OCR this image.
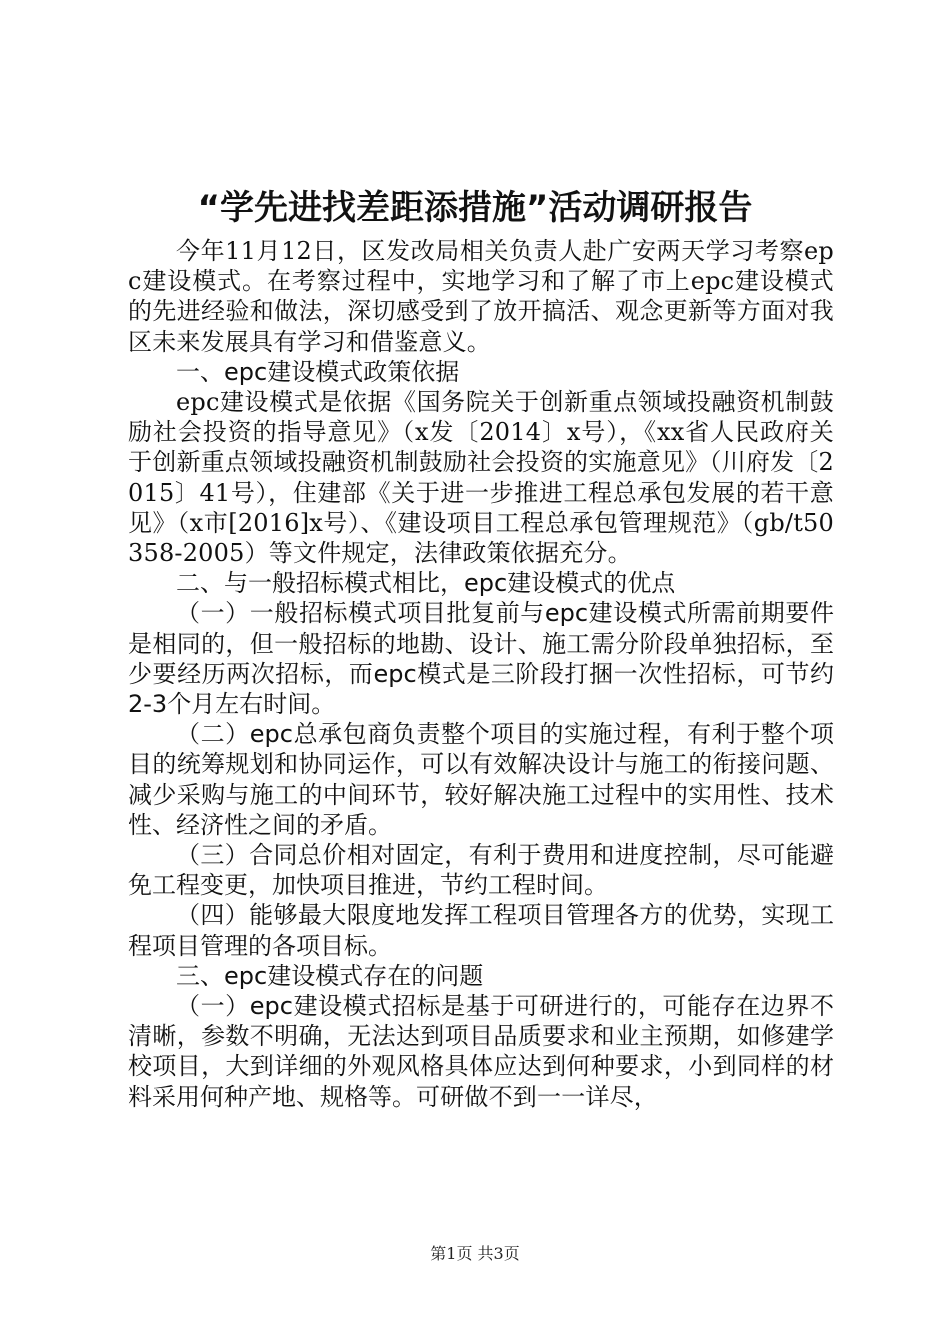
“学先进找差距添措施”活动调研报告

今年11月12日，区发改局相关负责人赴广安两天学习考察epc建设模式。在考察过程中，实地学习和了解了市上epc建设模式的先进经验和做法，深切感受到了放开搞活、观念更新等方面对我区未来发展具有学习和借鉴意义。

一、epc建设模式政策依据

epc建设模式是依据《国务院关于创新重点领域投融资机制鼓励社会投资的指导意见》（x发〔2014〕x号），《xx省人民政府关于创新重点领域投融资机制鼓励社会投资的实施意见》（川府发〔2015〕41号），住建部《关于进一步推进工程总承包发展的若干意见》（x市[2016]x号）、《建设项目工程总承包管理规范》（gb/t50358-2005）等文件规定，法律政策依据充分。

二、与一般招标模式相比，epc建设模式的优点

（一）一般招标模式项目批复前与epc建设模式所需前期要件是相同的，但一般招标的地勘、设计、施工需分阶段单独招标，至少要经历两次招标，而epc模式是三阶段打捆一次性招标，可节约2-3个月左右时间。

（二）epc总承包商负责整个项目的实施过程，有利于整个项目的统筹规划和协同运作，可以有效解决设计与施工的衔接问题、减少采购与施工的中间环节，较好解决施工过程中的实用性、技术性、经济性之间的矛盾。

（三）合同总价相对固定，有利于费用和进度控制，尽可能避免工程变更，加快项目推进，节约工程时间。

（四）能够最大限度地发挥工程项目管理各方的优势，实现工程项目管理的各项目标。

三、epc建设模式存在的问题

（一）epc建设模式招标是基于可研进行的，可能存在边界不清晰，参数不明确，无法达到项目品质要求和业主预期，如修建学校项目，大到详细的外观风格具体应达到何种要求，小到同样的材料采用何种产地、规格等。可研做不到一一详尽，

第1页 共3页
